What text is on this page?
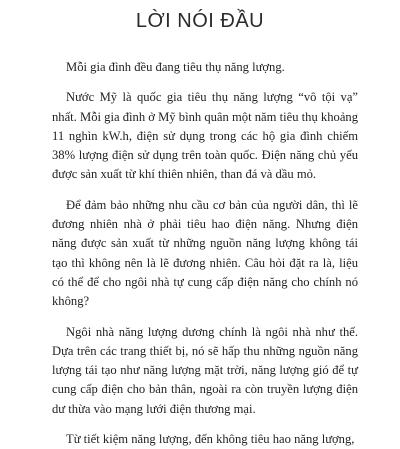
LỜI NÓI ĐẦU

Mỗi gia đình đều đang tiêu thụ năng lượng.

Nước Mỹ là quốc gia tiêu thụ năng lượng “vô tội vạ” nhất. Mỗi gia đình ở Mỹ bình quân một năm tiêu thụ khoảng 11 nghìn kW.h, điện sử dụng trong các hộ gia đình chiếm 38% lượng điện sử dụng trên toàn quốc. Điện năng chủ yếu được sản xuất từ khí thiên nhiên, than đá và dầu mỏ.

Để đảm bảo những nhu cầu cơ bản của người dân, thì lẽ đương nhiên nhà ở phải tiêu hao điện năng. Nhưng điện năng được sản xuất từ những nguồn năng lượng không tái tạo thì không nên là lẽ đương nhiên. Câu hỏi đặt ra là, liệu có thể để cho ngôi nhà tự cung cấp điện năng cho chính nó không?

Ngôi nhà năng lượng dương chính là ngôi nhà như thế. Dựa trên các trang thiết bị, nó sẽ hấp thu những nguồn năng lượng tái tạo như năng lượng mặt trời, năng lượng gió để tự cung cấp điện cho bản thân, ngoài ra còn truyền lượng điện dư thừa vào mạng lưới điện thương mại.

Từ tiết kiệm năng lượng, đến không tiêu hao năng lượng,
